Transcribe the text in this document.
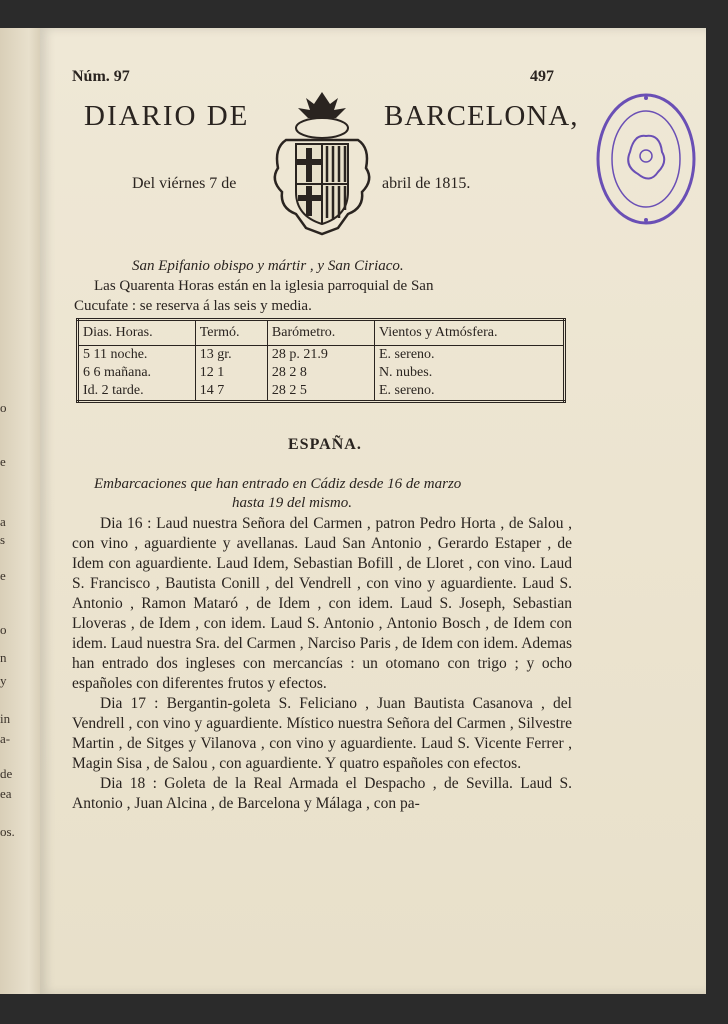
o
e
a
s
e
o
n
y
in
a-
de
ea
os.
Núm. 97	497
DIARIO DE	BARCELONA,
Del viérnes 7 de	abril de 1815.
San Epifanio obispo y mártir , y San Ciriaco.
Las Quarenta Horas están en la iglesia parroquial de San
Cucufate : se reserva á las seis y media.
Dias. Horas.	Termó.	Barómetro.	Vientos y Atmósfera.
5 11 noche.	13 gr.	28 p. 21.9	E. sereno.
6 6 mañana.	12 1	28 2 8	N. nubes.
Id. 2 tarde.	14 7	28 2 5	E. sereno.
ESPAÑA.
Embarcaciones que han entrado en Cádiz desde 16 de marzo
hasta 19 del mismo.

Dia 16 : Laud nuestra Señora del Carmen , patron Pedro Horta , de Salou , con vino , aguardiente y avellanas. Laud San Antonio , Gerardo Estaper , de Idem con aguardiente. Laud Idem, Sebastian Bofill , de Lloret , con vino. Laud S. Francisco , Bautista Conill , del Vendrell , con vino y aguardiente. Laud S. Antonio , Ramon Mataró , de Idem , con idem. Laud S. Joseph, Sebastian Lloveras , de Idem , con idem. Laud S. Antonio , Antonio Bosch , de Idem con idem. Laud nuestra Sra. del Carmen , Narciso Paris , de Idem con idem. Ademas han entrado dos ingleses con mercancías : un otomano con trigo ; y ocho españoles con diferentes frutos y efectos.

Dia 17 : Bergantin-goleta S. Feliciano , Juan Bautista Casanova , del Vendrell , con vino y aguardiente. Místico nuestra Señora del Carmen , Silvestre Martin , de Sitges y Vilanova , con vino y aguardiente. Laud S. Vicente Ferrer , Magin Sisa , de Salou , con aguardiente. Y quatro españoles con efectos.

Dia 18 : Goleta de la Real Armada el Despacho , de Sevilla. Laud S. Antonio , Juan Alcina , de Barcelona y Málaga , con pa-
